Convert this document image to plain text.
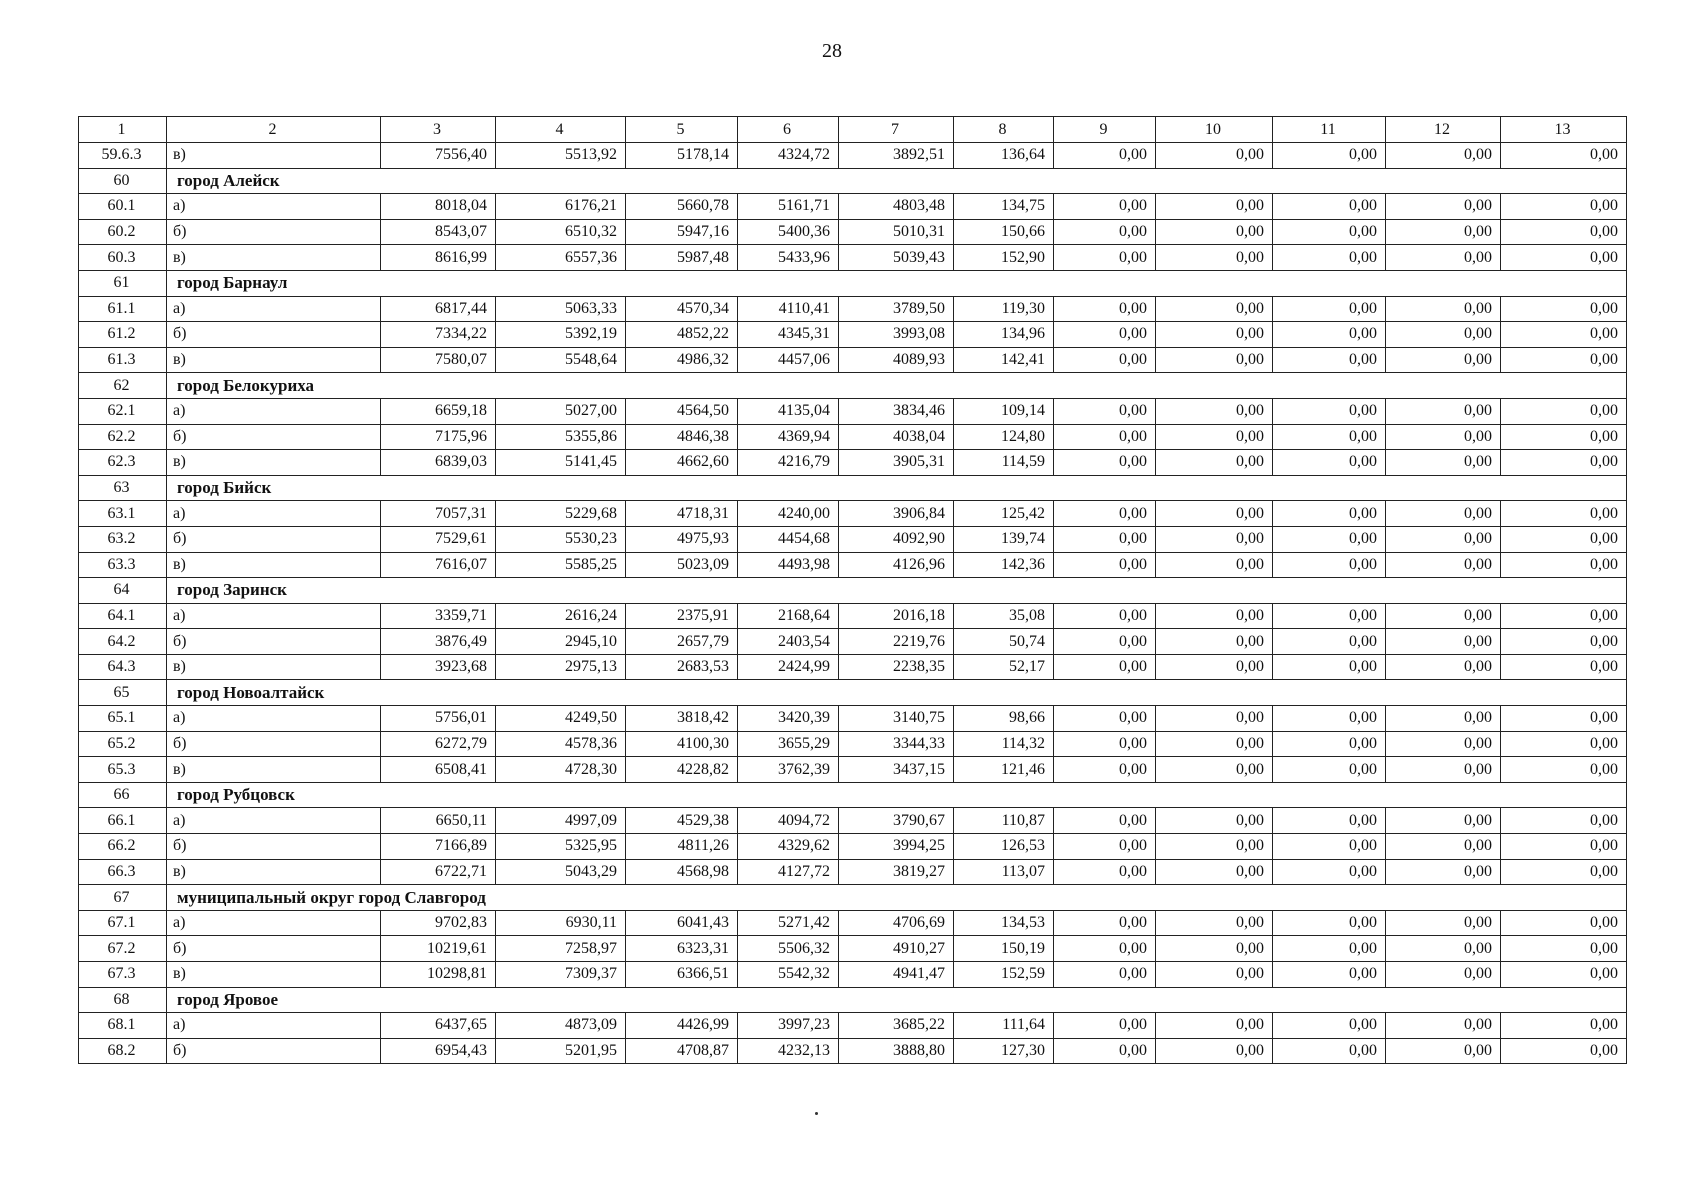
28
1	2	3	4	5	6	7	8	9	10	11	12	13
59.6.3	в)	7556,40	5513,92	5178,14	4324,72	3892,51	136,64	0,00	0,00	0,00	0,00	0,00
60	город Алейск											
60.1	а)	8018,04	6176,21	5660,78	5161,71	4803,48	134,75	0,00	0,00	0,00	0,00	0,00
60.2	б)	8543,07	6510,32	5947,16	5400,36	5010,31	150,66	0,00	0,00	0,00	0,00	0,00
60.3	в)	8616,99	6557,36	5987,48	5433,96	5039,43	152,90	0,00	0,00	0,00	0,00	0,00
61	город Барнаул											
61.1	а)	6817,44	5063,33	4570,34	4110,41	3789,50	119,30	0,00	0,00	0,00	0,00	0,00
61.2	б)	7334,22	5392,19	4852,22	4345,31	3993,08	134,96	0,00	0,00	0,00	0,00	0,00
61.3	в)	7580,07	5548,64	4986,32	4457,06	4089,93	142,41	0,00	0,00	0,00	0,00	0,00
62	город Белокуриха											
62.1	а)	6659,18	5027,00	4564,50	4135,04	3834,46	109,14	0,00	0,00	0,00	0,00	0,00
62.2	б)	7175,96	5355,86	4846,38	4369,94	4038,04	124,80	0,00	0,00	0,00	0,00	0,00
62.3	в)	6839,03	5141,45	4662,60	4216,79	3905,31	114,59	0,00	0,00	0,00	0,00	0,00
63	город Бийск											
63.1	а)	7057,31	5229,68	4718,31	4240,00	3906,84	125,42	0,00	0,00	0,00	0,00	0,00
63.2	б)	7529,61	5530,23	4975,93	4454,68	4092,90	139,74	0,00	0,00	0,00	0,00	0,00
63.3	в)	7616,07	5585,25	5023,09	4493,98	4126,96	142,36	0,00	0,00	0,00	0,00	0,00
64	город Заринск											
64.1	а)	3359,71	2616,24	2375,91	2168,64	2016,18	35,08	0,00	0,00	0,00	0,00	0,00
64.2	б)	3876,49	2945,10	2657,79	2403,54	2219,76	50,74	0,00	0,00	0,00	0,00	0,00
64.3	в)	3923,68	2975,13	2683,53	2424,99	2238,35	52,17	0,00	0,00	0,00	0,00	0,00
65	город Новоалтайск											
65.1	а)	5756,01	4249,50	3818,42	3420,39	3140,75	98,66	0,00	0,00	0,00	0,00	0,00
65.2	б)	6272,79	4578,36	4100,30	3655,29	3344,33	114,32	0,00	0,00	0,00	0,00	0,00
65.3	в)	6508,41	4728,30	4228,82	3762,39	3437,15	121,46	0,00	0,00	0,00	0,00	0,00
66	город Рубцовск											
66.1	а)	6650,11	4997,09	4529,38	4094,72	3790,67	110,87	0,00	0,00	0,00	0,00	0,00
66.2	б)	7166,89	5325,95	4811,26	4329,62	3994,25	126,53	0,00	0,00	0,00	0,00	0,00
66.3	в)	6722,71	5043,29	4568,98	4127,72	3819,27	113,07	0,00	0,00	0,00	0,00	0,00
67	муниципальный округ город Славгород											
67.1	а)	9702,83	6930,11	6041,43	5271,42	4706,69	134,53	0,00	0,00	0,00	0,00	0,00
67.2	б)	10219,61	7258,97	6323,31	5506,32	4910,27	150,19	0,00	0,00	0,00	0,00	0,00
67.3	в)	10298,81	7309,37	6366,51	5542,32	4941,47	152,59	0,00	0,00	0,00	0,00	0,00
68	город Яровое											
68.1	а)	6437,65	4873,09	4426,99	3997,23	3685,22	111,64	0,00	0,00	0,00	0,00	0,00
68.2	б)	6954,43	5201,95	4708,87	4232,13	3888,80	127,30	0,00	0,00	0,00	0,00	0,00
